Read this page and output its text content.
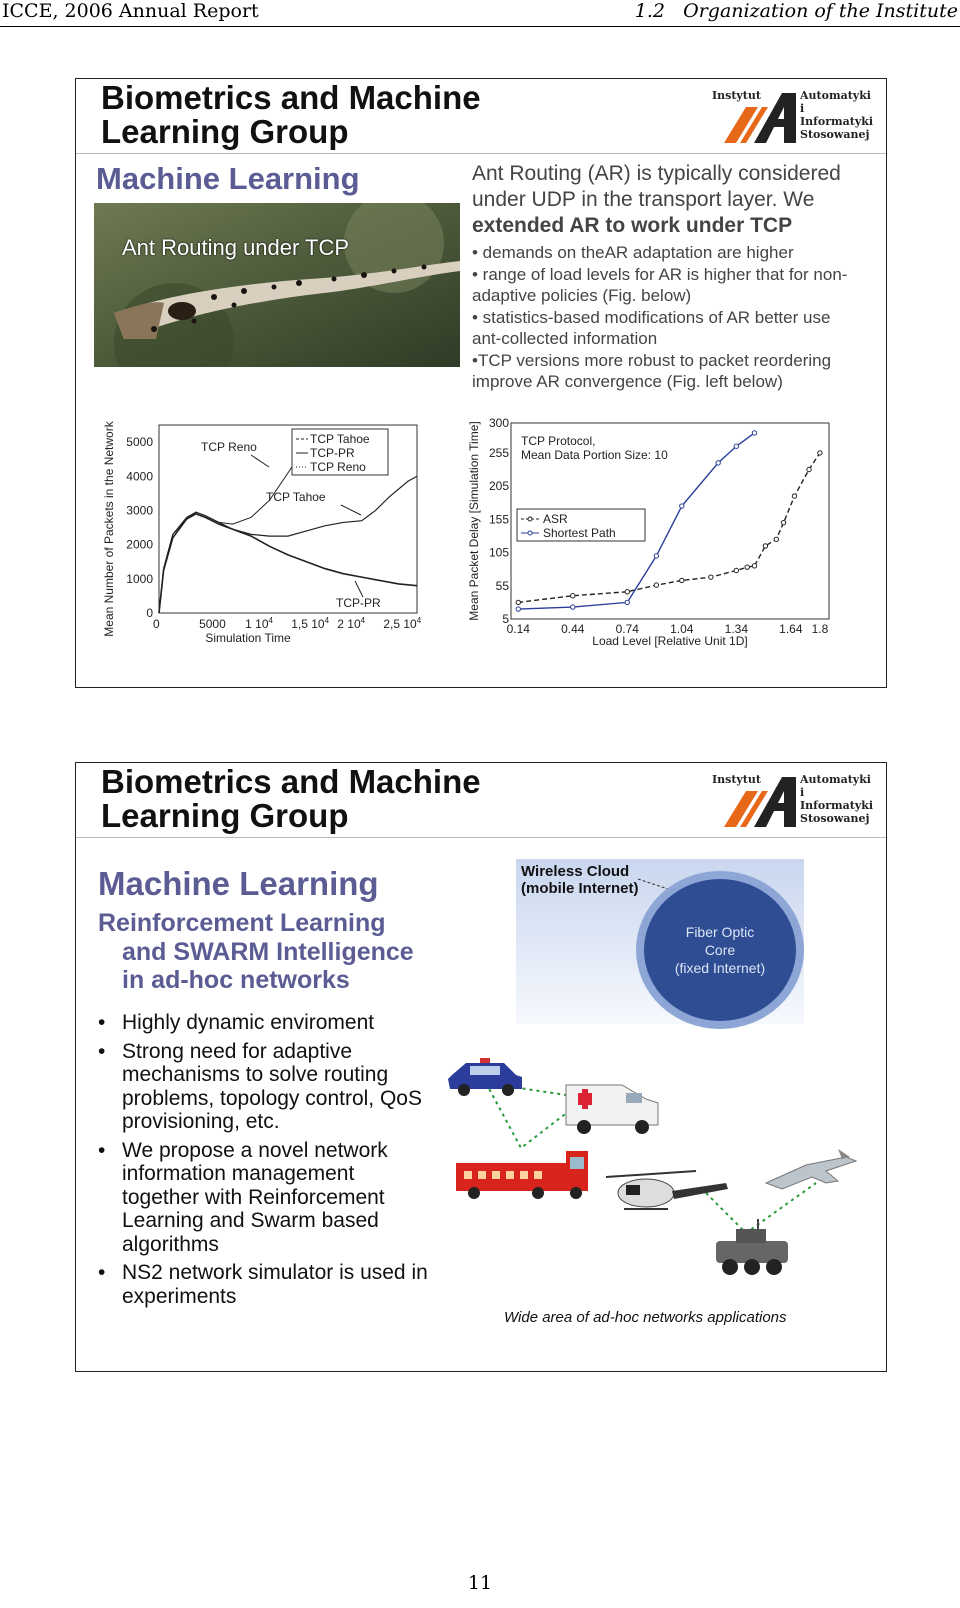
ICCE, 2006 Annual Report	1.2 Organization of the Institute
Biometrics and Machine
Learning Group
Instytut	Automatyki
i Informatyki
Stosowanej
Machine Learning
Ant Routing under TCP
Ant Routing (AR) is typically considered
under UDP in the transport layer. We
extended AR to work under TCP
• demands on theAR adaptation are higher
• range of load levels for AR is higher that for non-
adaptive policies (Fig. below)
• statistics-based modifications of AR better use
ant-collected information
•TCP versions more robust to packet reordering
improve AR convergence (Fig. left below)
0
1000
2000
3000
4000
5000
0	5000 1 $10^4$ 1,5 $10^4$ 2 $10^4$ 2,5 $10^4$
Simulation Time
Mean Number of Packets in the Network	TCP Tahoe
TCP-PR
TCP Reno
TCP Reno
TCP Tahoe
TCP-PR
5
55
105
155
205
255
300
0.14	0.44	0.74	1.04	1.34	1.64 1.8
Load Level [Relative Unit 1D]
Mean Packet Delay [Simulation Time]	TCP Protocol,
Mean Data Portion Size: 10
ASR
Shortest Path
Biometrics and Machine
Learning Group
Instytut	Automatyki
i Informatyki
Stosowanej
Machine Learning
Reinforcement Learning
and SWARM Intelligence
in ad-hoc networks
• Highly dynamic enviroment
• Strong need for adaptive
mechanisms to solve routing
problems, topology control, QoS
provisioning, etc.
• We propose a novel network
information management
together with Reinforcement
Learning and Swarm based
algorithms
• NS2 network simulator is used in
experiments
Wireless Cloud
(mobile Internet)
Fiber Optic
Core
(fixed Internet)
Wide area of ad-hoc networks applications
11
